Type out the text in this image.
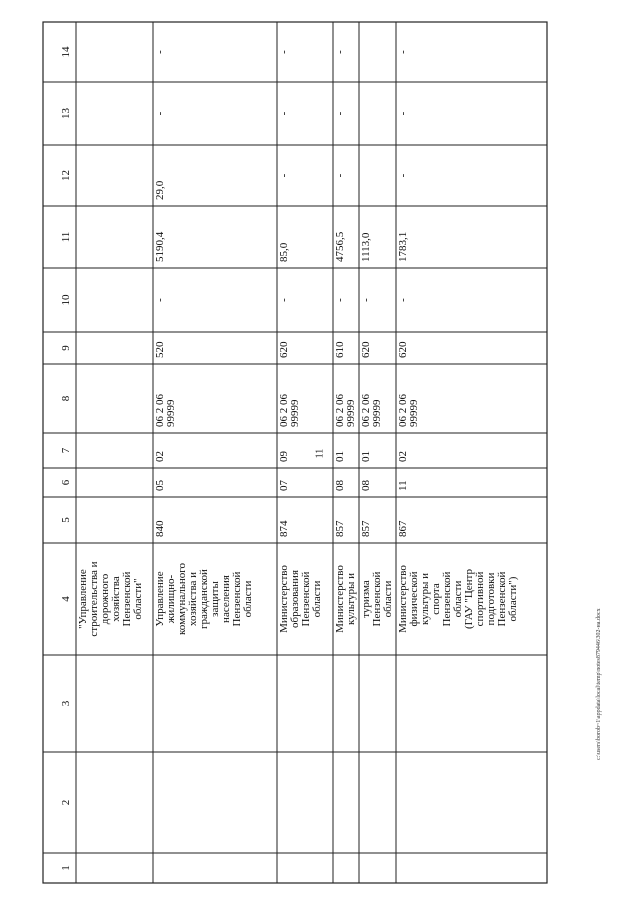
11
1
2
3
4
5
6
7
8
9
10
11
12
13
14
"Управление строительства и дорожного хозяйства Пензенской области" Управление жилищно- коммунального хозяйства и гражданской защиты населения Пензенской области
840
05
02
06 2 06 99999
520
-
5190,4
29,0
-
-
Министерство образования Пензенской области
874
07
09
06 2 06 99999
620
-
85,0
-
-
-
Министерство культуры и
857
08
01
06 2 06 99999
610
-
4756,5
-
-
-
туризма Пензенской области
857
08
01
06 2 06 99999
620
-
1113,0
Министерство физической культуры и спорта Пензенской области (ГАУ "Центр спортивной подготовки Пензенской области")
867
11
02
06 2 06 99999
620
-
1783,1
-
-
-
c:\users\borob~1\appdata\local\temp\notes879446\302-на.docx
